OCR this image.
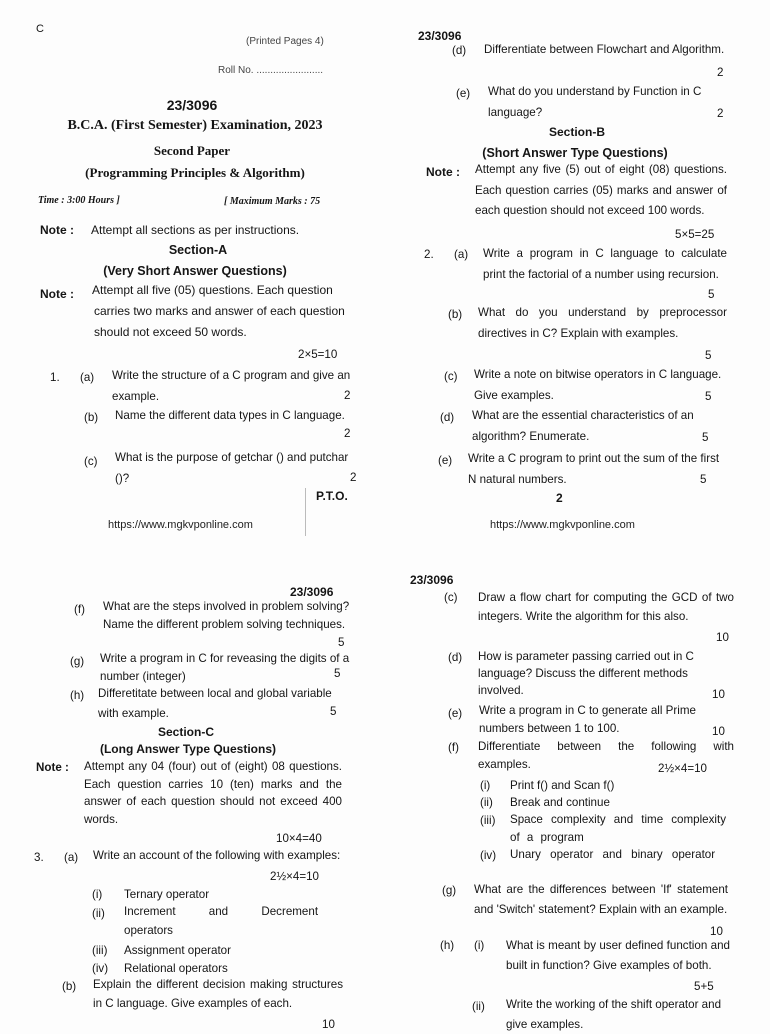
C
(Printed Pages 4)
Roll No. ........................
23/3096
B.C.A. (First Semester) Examination, 2023
Second Paper
(Programming Principles & Algorithm)
Time : 3:00 Hours ]	[ Maximum Marks : 75
Note : Attempt all sections as per instructions.
Section-A
(Very Short Answer Questions)
Note : Attempt all five (05) questions. Each question carries two marks and answer of each question should not exceed 50 words.
2×5=10
1. (a) Write the structure of a C program and give an example.	2
(b) Name the different data types in C language.
2
(c) What is the purpose of getchar () and putchar ()?	2
P.T.O.
https://www.mgkvponline.com
23/3096
(d) Differentiate between Flowchart and Algorithm.
2
(e) What do you understand by Function in C language?	2
Section-B
(Short Answer Type Questions)
Note : Attempt any five (5) out of eight (08) questions. Each question carries (05) marks and answer of each question should not exceed 100 words.
5×5=25
2. (a) Write a program in C language to calculate print the factorial of a number using recursion.
5
(b) What do you understand by preprocessor directives in C? Explain with examples.
5
(c) Write a note on bitwise operators in C language. Give examples.	5
(d) What are the essential characteristics of an algorithm? Enumerate.	5
(e) Write a C program to print out the sum of the first N natural numbers.	5
2
https://www.mgkvponline.com
23/3096
(f) What are the steps involved in problem solving? Name the different problem solving techniques.
5
(g) Write a program in C for reveasing the digits of a number (integer)	5
(h) Differetitate between local and global variable with example.	5
Section-C
(Long Answer Type Questions)
Note : Attempt any 04 (four) out of (eight) 08 questions. Each question carries 10 (ten) marks and the answer of each question should not exceed 400 words.
10×4=40
3. (a) Write an account of the following with examples:
2½×4=10
(i) Ternary operator
(ii) Increment and Decrement operators
(iii) Assignment operator
(iv) Relational operators
(b) Explain the different decision making structures in C language. Give examples of each.
10
23/3096
(c) Draw a flow chart for computing the GCD of two integers. Write the algorithm for this also.
10
(d) How is parameter passing carried out in C language? Discuss the different methods involved.	10
(e) Write a program in C to generate all Prime numbers between 1 to 100.	10
(f) Differentiate between the following with examples.	2½×4=10
(i) Print f() and Scan f()
(ii) Break and continue
(iii) Space complexity and time complexity of a program
(iv) Unary operator and binary operator
(g) What are the differences between 'If' statement and 'Switch' statement? Explain with an example.
10
(h) (i) What is meant by user defined function and built in function? Give examples of both.
5+5
(ii) Write the working of the shift operator and give examples.
